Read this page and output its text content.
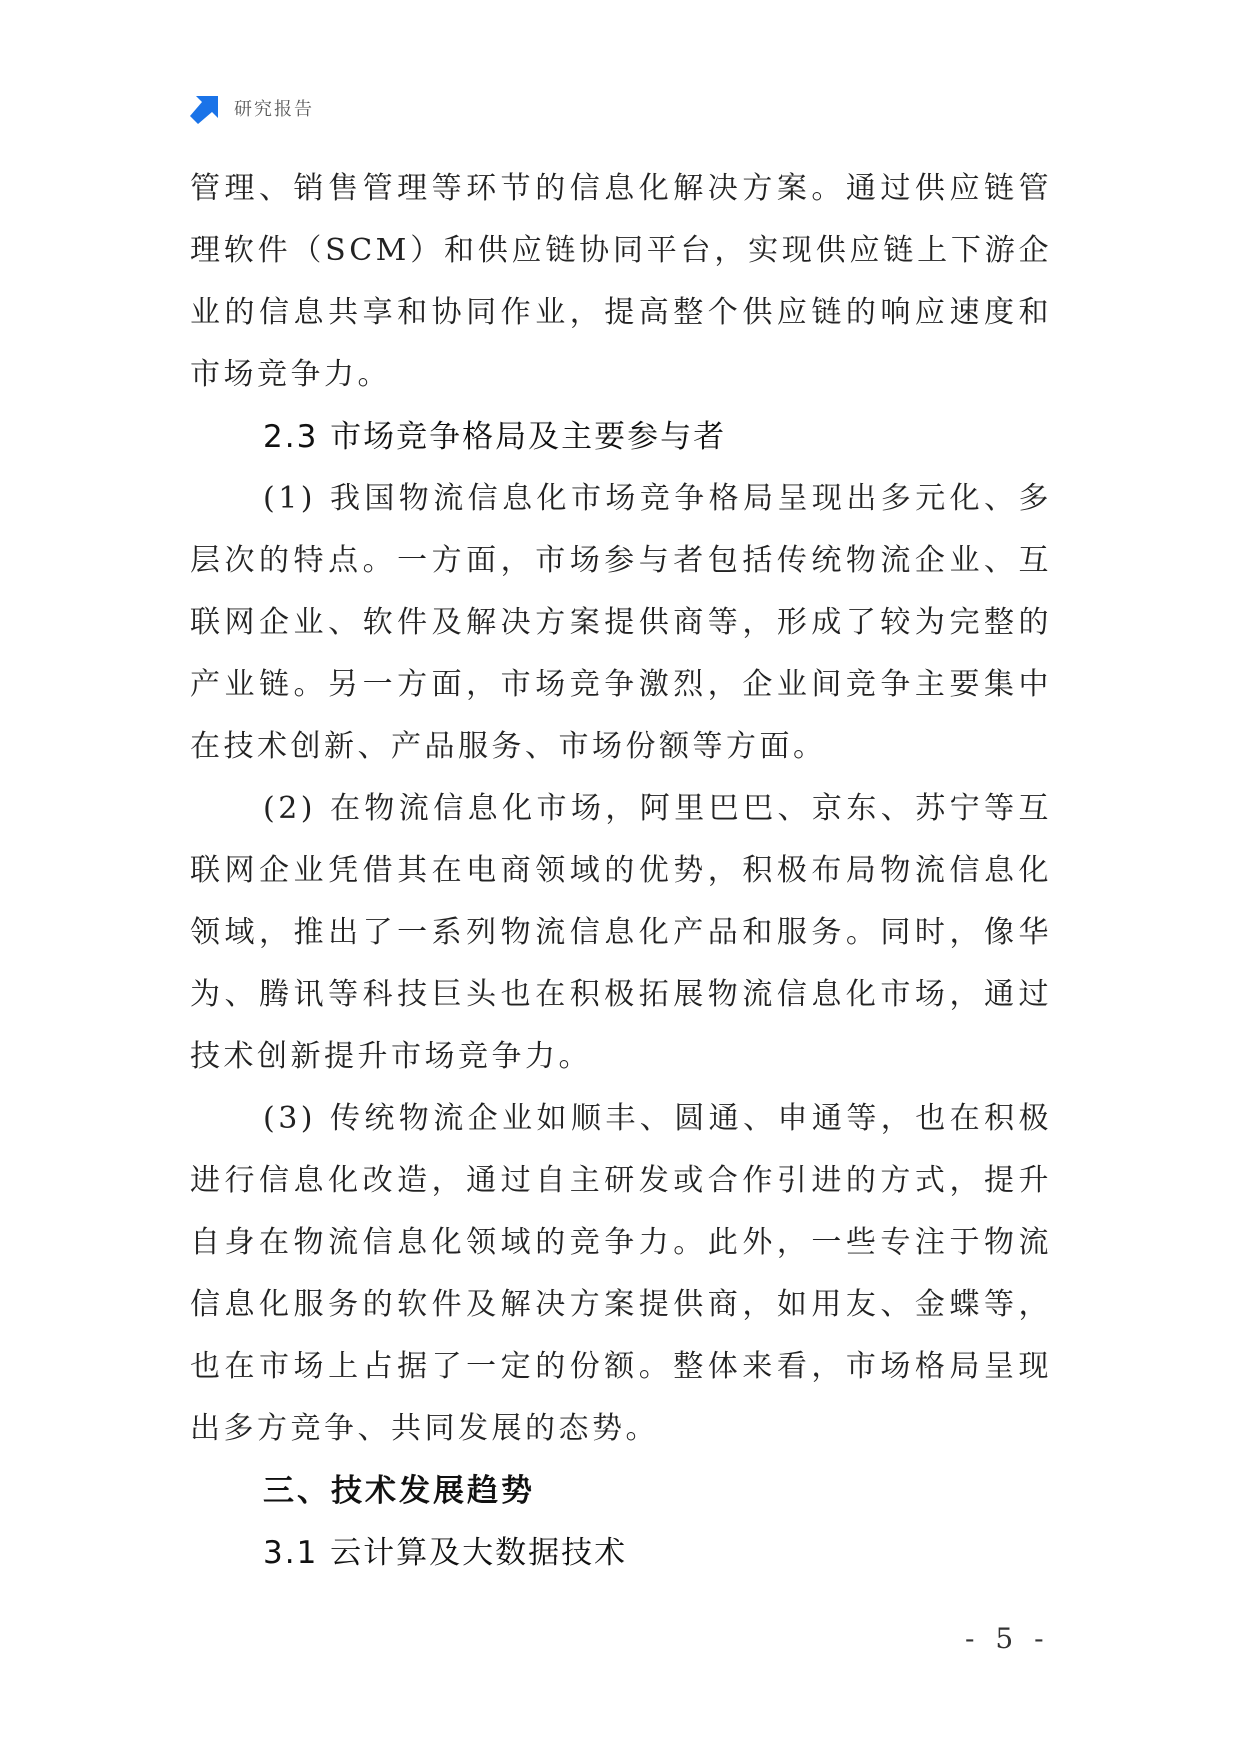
研究报告

管理、销售管理等环节的信息化解决方案。通过供应链管理软件（SCM）和供应链协同平台，实现供应链上下游企业的信息共享和协同作业，提高整个供应链的响应速度和市场竞争力。

2.3 市场竞争格局及主要参与者

(1) 我国物流信息化市场竞争格局呈现出多元化、多层次的特点。一方面，市场参与者包括传统物流企业、互联网企业、软件及解决方案提供商等，形成了较为完整的产业链。另一方面，市场竞争激烈，企业间竞争主要集中在技术创新、产品服务、市场份额等方面。

(2) 在物流信息化市场，阿里巴巴、京东、苏宁等互联网企业凭借其在电商领域的优势，积极布局物流信息化领域，推出了一系列物流信息化产品和服务。同时，像华为、腾讯等科技巨头也在积极拓展物流信息化市场，通过技术创新提升市场竞争力。

(3) 传统物流企业如顺丰、圆通、申通等，也在积极进行信息化改造，通过自主研发或合作引进的方式，提升自身在物流信息化领域的竞争力。此外，一些专注于物流信息化服务的软件及解决方案提供商，如用友、金蝶等，也在市场上占据了一定的份额。整体来看，市场格局呈现出多方竞争、共同发展的态势。

三、技术发展趋势

3.1 云计算及大数据技术

- 5 -
